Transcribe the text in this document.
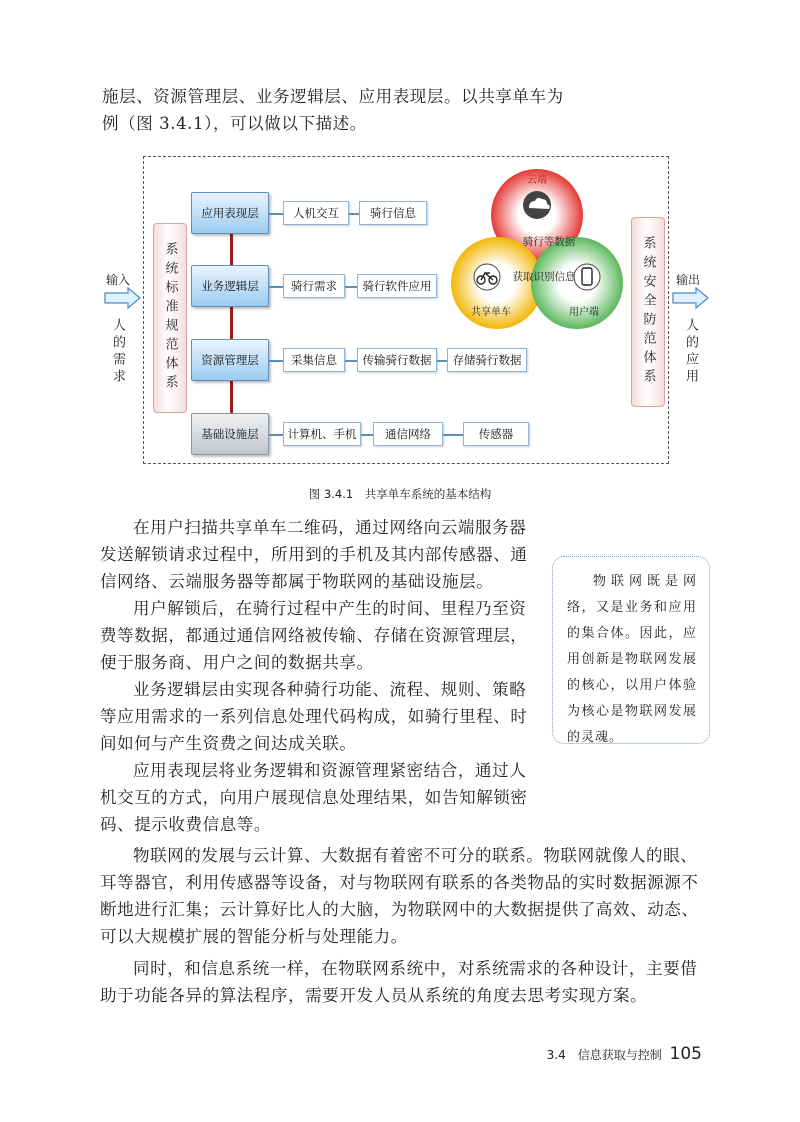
施层、资源管理层、业务逻辑层、应用表现层。以共享单车为

例（图 3.4.1），可以做以下描述。

输入
人的需求
输出
人的应用
系统标准规范体系	系统安全防范体系
应用表现层	人机交互	骑行信息
业务逻辑层	骑行需求	骑行软件应用
资源管理层	采集信息	传输骑行数据	存储骑行数据
基础设施层	计算机、手机	通信网络	传感器
云端
骑行等数据
获取识别信息
共享单车	用户端
图 3.4.1　共享单车系统的基本结构

在用户扫描共享单车二维码，通过网络向云端服务器发送解锁请求过程中，所用到的手机及其内部传感器、通信网络、云端服务器等都属于物联网的基础设施层。

用户解锁后，在骑行过程中产生的时间、里程乃至资费等数据，都通过通信网络被传输、存储在资源管理层，便于服务商、用户之间的数据共享。

业务逻辑层由实现各种骑行功能、流程、规则、策略等应用需求的一系列信息处理代码构成，如骑行里程、时间如何与产生资费之间达成关联。

应用表现层将业务逻辑和资源管理紧密结合，通过人机交互的方式，向用户展现信息处理结果，如告知解锁密码、提示收费信息等。

物联网的发展与云计算、大数据有着密不可分的联系。物联网就像人的眼、耳等器官，利用传感器等设备，对与物联网有联系的各类物品的实时数据源源不断地进行汇集；云计算好比人的大脑，为物联网中的大数据提供了高效、动态、可以大规模扩展的智能分析与处理能力。

同时，和信息系统一样，在物联网系统中，对系统需求的各种设计，主要借助于功能各异的算法程序，需要开发人员从系统的角度去思考实现方案。

物联网既是网络，又是业务和应用的集合体。因此，应用创新是物联网发展的核心，以用户体验为核心是物联网发展的灵魂。

3.4　信息获取与控制 105
